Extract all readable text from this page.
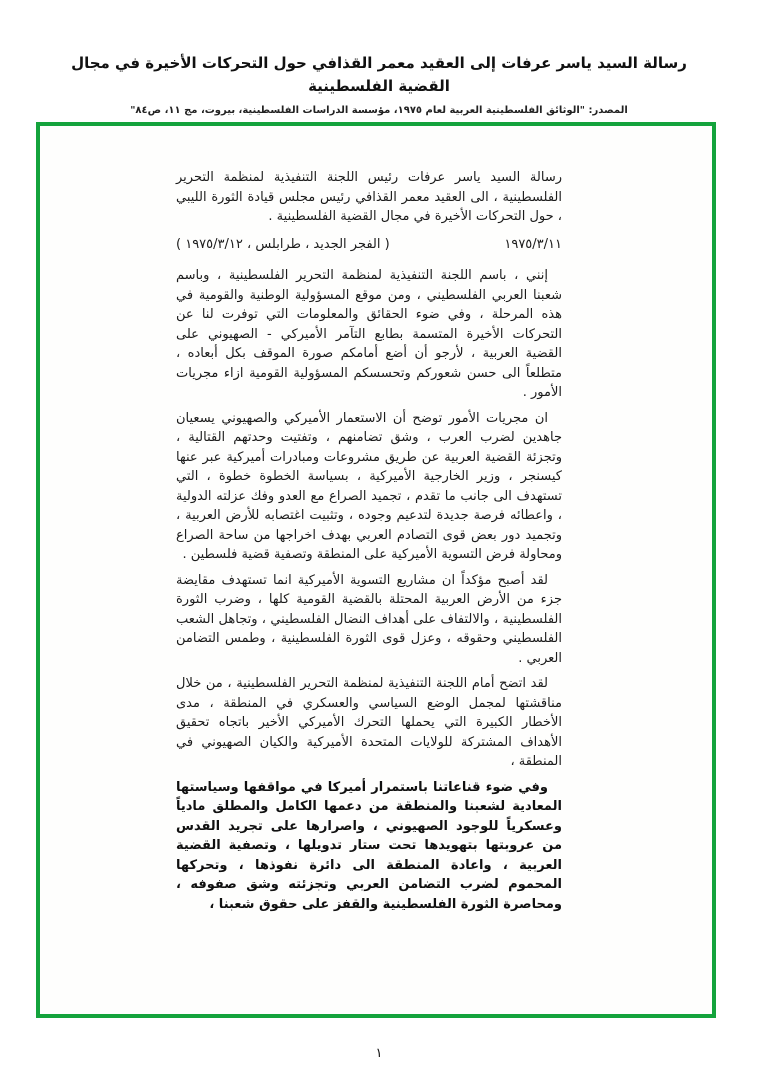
رسالة السيد ياسر عرفات إلى العقيد معمر القذافي حول التحركات الأخيرة في مجال القضية الفلسطينية
المصدر: "الوثائق الفلسطينية العربية لعام ١٩٧٥، مؤسسة الدراسات الفلسطينية، بيروت، مج ١١، ص٨٤"

رسالة السيد ياسر عرفات رئيس اللجنة التنفيذية لمنظمة التحرير الفلسطينية ، الى العقيد معمر القذافي رئيس مجلس قيادة الثورة الليبي ، حول التحركات الأخيرة في مجال القضية الفلسطينية .

١٩٧٥/٣/١١
( الفجر الجديد ، طرابلس ، ١٩٧٥/٣/١٢ )

إنني ، باسم اللجنة التنفيذية لمنظمة التحرير الفلسطينية ، وباسم شعبنا العربي الفلسطيني ، ومن موقع المسؤولية الوطنية والقومية في هذه المرحلة ، وفي ضوء الحقائق والمعلومات التي توفرت لنا عن التحركات الأخيرة المتسمة بطابع التآمر الأميركي - الصهيوني على القضية العربية ، لأرجو أن أضع أمامكم صورة الموقف بكل أبعاده ، متطلعاً الى حسن شعوركم وتحسسكم المسؤولية القومية ازاء مجريات الأمور .

ان مجريات الأمور توضح أن الاستعمار الأميركي والصهيوني يسعيان جاهدين لضرب العرب ، وشق تضامنهم ، وتفتيت وحدتهم القتالية ، وتجزئة القضية العربية عن طريق مشروعات ومبادرات أميركية عبر عنها كيسنجر ، وزير الخارجية الأميركية ، بسياسة الخطوة خطوة ، التي تستهدف الى جانب ما تقدم ، تجميد الصراع مع العدو وفك عزلته الدولية ، واعطائه فرصة جديدة لتدعيم وجوده ، وتثبيت اغتصابه للأرض العربية ، وتجميد دور بعض قوى التصادم العربي بهدف اخراجها من ساحة الصراع ومحاولة فرض التسوية الأميركية على المنطقة وتصفية قضية فلسطين .

لقد أصبح مؤكداً ان مشاريع التسوية الأميركية انما تستهدف مقايضة جزء من الأرض العربية المحتلة بالقضية القومية كلها ، وضرب الثورة الفلسطينية ، والالتفاف على أهداف النضال الفلسطيني ، وتجاهل الشعب الفلسطيني وحقوقه ، وعزل قوى الثورة الفلسطينية ، وطمس التضامن العربي .

لقد اتضح أمام اللجنة التنفيذية لمنظمة التحرير الفلسطينية ، من خلال مناقشتها لمجمل الوضع السياسي والعسكري في المنطقة ، مدى الأخطار الكبيرة التي يحملها التحرك الأميركي الأخير باتجاه تحقيق الأهداف المشتركة للولايات المتحدة الأميركية والكيان الصهيوني في المنطقة ،

وفي ضوء قناعاتنا باستمرار أميركا في مواقفها وسياستها المعادية لشعبنا والمنطقة من دعمها الكامل والمطلق مادياً وعسكرياً للوجود الصهيوني ، واصرارها على تجريد القدس من عروبتها بتهويدها تحت ستار تدويلها ، وتصفية القضية العربية ، واعادة المنطقة الى دائرة نفوذها ، وتحركها المحموم لضرب التضامن العربي وتجزئته وشق صفوفه ، ومحاصرة الثورة الفلسطينية والقفز على حقوق شعبنا ،

١
